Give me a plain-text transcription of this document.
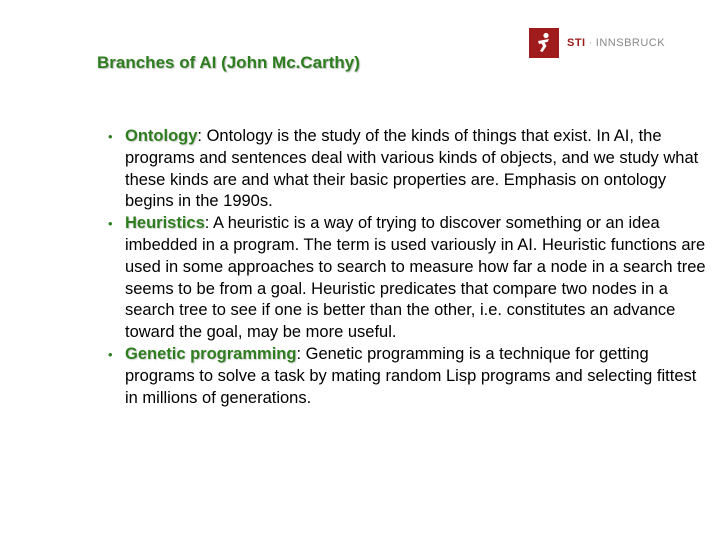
Branches of AI (John Mc.Carthy)
STI · INNSBRUCK
• Ontology: Ontology is the study of the kinds of things that exist. In AI, the programs and sentences deal with various kinds of objects, and we study what these kinds are and what their basic properties are. Emphasis on ontology begins in the 1990s.
• Heuristics: A heuristic is a way of trying to discover something or an idea imbedded in a program. The term is used variously in AI. Heuristic functions are used in some approaches to search to measure how far a node in a search tree seems to be from a goal. Heuristic predicates that compare two nodes in a search tree to see if one is better than the other, i.e. constitutes an advance toward the goal, may be more useful.
• Genetic programming: Genetic programming is a technique for getting programs to solve a task by mating random Lisp programs and selecting fittest in millions of generations.
